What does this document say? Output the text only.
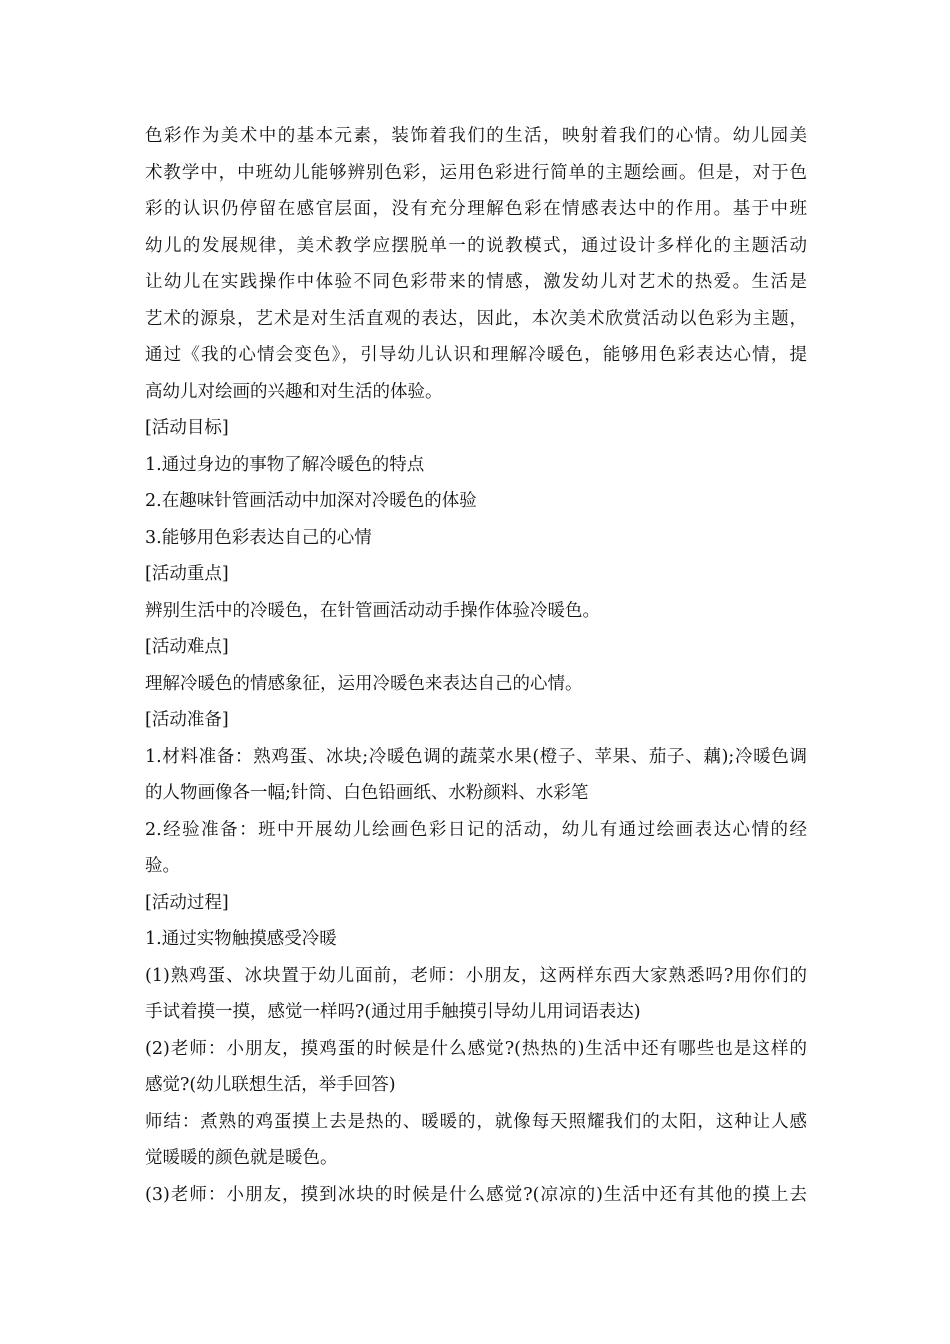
色彩作为美术中的基本元素，装饰着我们的生活，映射着我们的心情。幼儿园美
术教学中，中班幼儿能够辨别色彩，运用色彩进行简单的主题绘画。但是，对于色
彩的认识仍停留在感官层面，没有充分理解色彩在情感表达中的作用。基于中班
幼儿的发展规律，美术教学应摆脱单一的说教模式，通过设计多样化的主题活动
让幼儿在实践操作中体验不同色彩带来的情感，激发幼儿对艺术的热爱。生活是
艺术的源泉，艺术是对生活直观的表达，因此，本次美术欣赏活动以色彩为主题，
通过《我的心情会变色》，引导幼儿认识和理解冷暖色，能够用色彩表达心情，提
高幼儿对绘画的兴趣和对生活的体验。

[活动目标]

1.通过身边的事物了解冷暖色的特点

2.在趣味针管画活动中加深对冷暖色的体验

3.能够用色彩表达自己的心情

[活动重点]

辨别生活中的冷暖色，在针管画活动动手操作体验冷暖色。

[活动难点]

理解冷暖色的情感象征，运用冷暖色来表达自己的心情。

[活动准备]

1.材料准备：熟鸡蛋、冰块;冷暖色调的蔬菜水果(橙子、苹果、茄子、藕);冷暖色调
的人物画像各一幅;针筒、白色铅画纸、水粉颜料、水彩笔

2.经验准备：班中开展幼儿绘画色彩日记的活动，幼儿有通过绘画表达心情的经
验。

[活动过程]

1.通过实物触摸感受冷暖

(1)熟鸡蛋、冰块置于幼儿面前，老师：小朋友，这两样东西大家熟悉吗?用你们的
手试着摸一摸，感觉一样吗?(通过用手触摸引导幼儿用词语表达)

(2)老师：小朋友，摸鸡蛋的时候是什么感觉?(热热的)生活中还有哪些也是这样的
感觉?(幼儿联想生活，举手回答)

师结：煮熟的鸡蛋摸上去是热的、暖暖的，就像每天照耀我们的太阳，这种让人感
觉暖暖的颜色就是暖色。

(3)老师：小朋友，摸到冰块的时候是什么感觉?(凉凉的)生活中还有其他的摸上去
